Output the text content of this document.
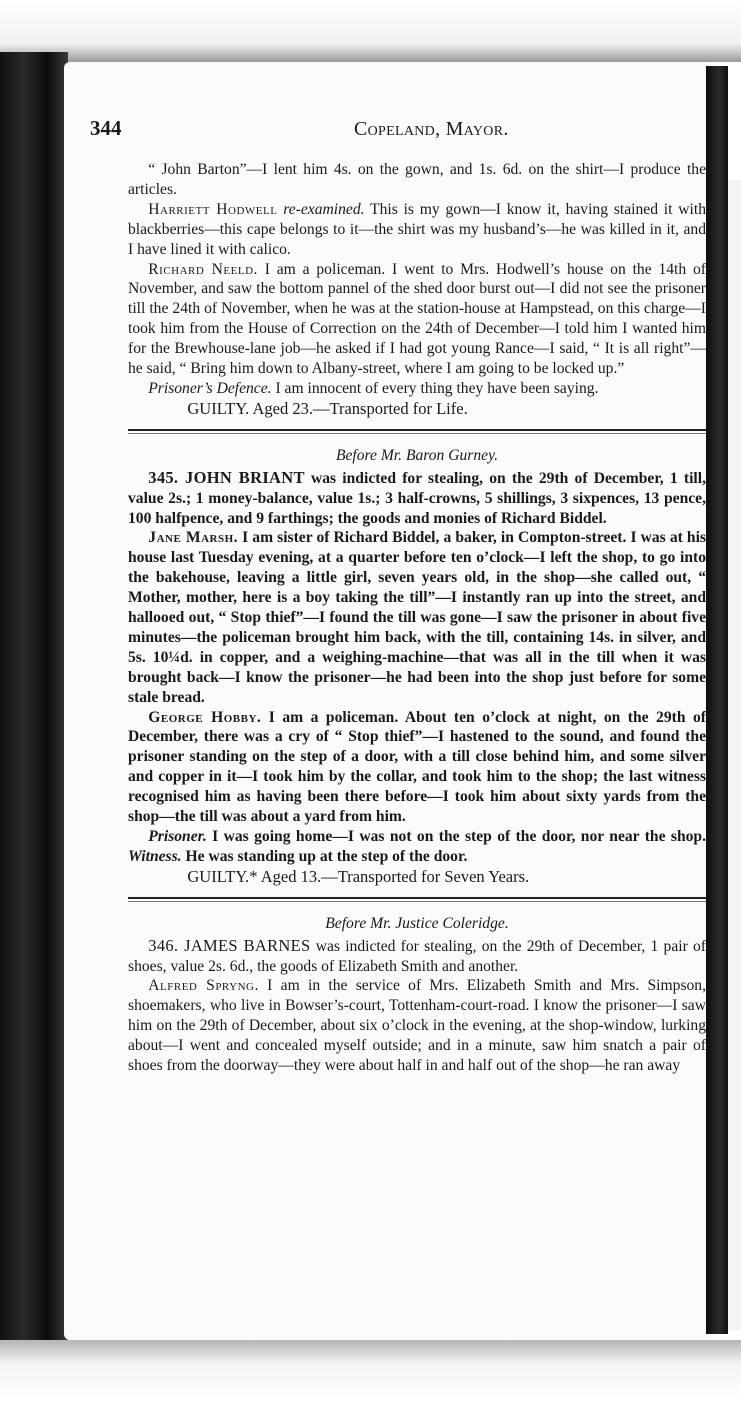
344	Copeland, Mayor.

“ John Barton”—I lent him 4s. on the gown, and 1s. 6d. on the shirt—I produce the articles.

Harriett Hodwell re-examined. This is my gown—I know it, having stained it with blackberries—this cape belongs to it—the shirt was my husband’s—he was killed in it, and I have lined it with calico.

Richard Neeld. I am a policeman. I went to Mrs. Hodwell’s house on the 14th of November, and saw the bottom pannel of the shed door burst out—I did not see the prisoner till the 24th of November, when he was at the station-house at Hampstead, on this charge—I took him from the House of Correction on the 24th of December—I told him I wanted him for the Brewhouse-lane job—he asked if I had got young Rance—I said, “ It is all right”—he said, “ Bring him down to Albany-street, where I am going to be locked up.”

Prisoner’s Defence. I am innocent of every thing they have been saying.

GUILTY. Aged 23.—Transported for Life.

Before Mr. Baron Gurney.

345. JOHN BRIANT was indicted for stealing, on the 29th of December, 1 till, value 2s.; 1 money-balance, value 1s.; 3 half-crowns, 5 shillings, 3 sixpences, 13 pence, 100 halfpence, and 9 farthings; the goods and monies of Richard Biddel.

Jane Marsh. I am sister of Richard Biddel, a baker, in Compton-street. I was at his house last Tuesday evening, at a quarter before ten o’clock—I left the shop, to go into the bakehouse, leaving a little girl, seven years old, in the shop—she called out, “ Mother, mother, here is a boy taking the till”—I instantly ran up into the street, and hallooed out, “ Stop thief”—I found the till was gone—I saw the prisoner in about five minutes—the policeman brought him back, with the till, containing 14s. in silver, and 5s. 10¼d. in copper, and a weighing-machine—that was all in the till when it was brought back—I know the prisoner—he had been into the shop just before for some stale bread.

George Hobby. I am a policeman. About ten o’clock at night, on the 29th of December, there was a cry of “ Stop thief”—I hastened to the sound, and found the prisoner standing on the step of a door, with a till close behind him, and some silver and copper in it—I took him by the collar, and took him to the shop; the last witness recognised him as having been there before—I took him about sixty yards from the shop—the till was about a yard from him.

Prisoner. I was going home—I was not on the step of the door, nor near the shop. Witness. He was standing up at the step of the door.

GUILTY.* Aged 13.—Transported for Seven Years.

Before Mr. Justice Coleridge.

346. JAMES BARNES was indicted for stealing, on the 29th of December, 1 pair of shoes, value 2s. 6d., the goods of Elizabeth Smith and another.

Alfred Spryng. I am in the service of Mrs. Elizabeth Smith and Mrs. Simpson, shoemakers, who live in Bowser’s-court, Tottenham-court-road. I know the prisoner—I saw him on the 29th of December, about six o’clock in the evening, at the shop-window, lurking about—I went and concealed myself outside; and in a minute, saw him snatch a pair of shoes from the doorway—they were about half in and half out of the shop—he ran away
